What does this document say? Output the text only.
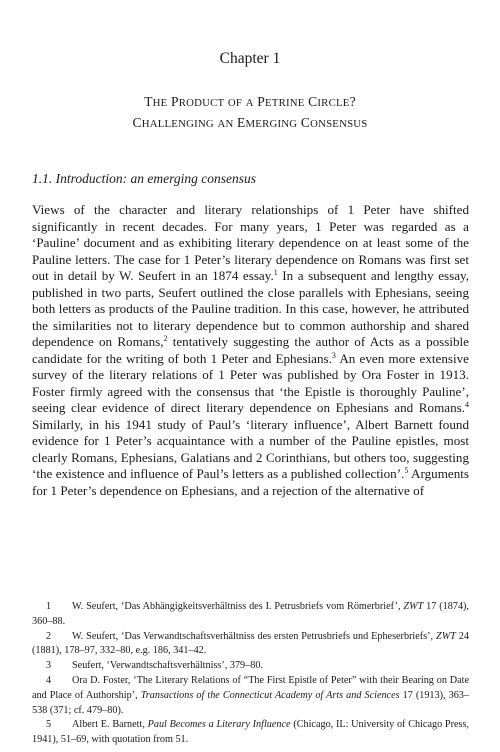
Chapter 1
THE PRODUCT OF A PETRINE CIRCLE?
CHALLENGING AN EMERGING CONSENSUS
1.1. Introduction: an emerging consensus
Views of the character and literary relationships of 1 Peter have shifted significantly in recent decades. For many years, 1 Peter was regarded as a ‘Pauline’ document and as exhibiting literary dependence on at least some of the Pauline letters. The case for 1 Peter’s literary dependence on Romans was first set out in detail by W. Seufert in an 1874 essay.$^1$ In a subsequent and lengthy essay, published in two parts, Seufert outlined the close parallels with Ephesians, seeing both letters as products of the Pauline tradition. In this case, however, he attributed the similarities not to literary dependence but to common authorship and shared dependence on Romans,$^2$ tentatively suggesting the author of Acts as a possible candidate for the writing of both 1 Peter and Ephesians.$^3$ An even more extensive survey of the literary relations of 1 Peter was published by Ora Foster in 1913. Foster firmly agreed with the consensus that ‘the Epistle is thoroughly Pauline’, seeing clear evidence of direct literary dependence on Ephesians and Romans.$^4$ Similarly, in his 1941 study of Paul’s ‘literary influence’, Albert Barnett found evidence for 1 Peter’s acquaintance with a number of the Pauline epistles, most clearly Romans, Ephesians, Galatians and 2 Corinthians, but others too, suggesting ‘the existence and influence of Paul’s letters as a published collection’.$^5$ Arguments for 1 Peter’s dependence on Ephesians, and a rejection of the alternative of

1 W. Seufert, ‘Das Abhängigkeitsverhältniss des I. Petrusbriefs vom Römerbrief’, ZWT 17 (1874), 360–88.

2 W. Seufert, ‘Das Verwandtschaftsverhältniss des ersten Petrusbriefs und Epheserbriefs’, ZWT 24 (1881), 178–97, 332–80, e.g. 186, 341–42.

3 Seufert, ‘Verwandtschaftsverhältniss’, 379–80.

4 Ora D. Foster, ‘The Literary Relations of “The First Epistle of Peter” with their Bearing on Date and Place of Authorship’, Transactions of the Connecticut Academy of Arts and Sciences 17 (1913), 363–538 (371; cf. 479–80).

5 Albert E. Barnett, Paul Becomes a Literary Influence (Chicago, IL: University of Chicago Press, 1941), 51–69, with quotation from 51.
